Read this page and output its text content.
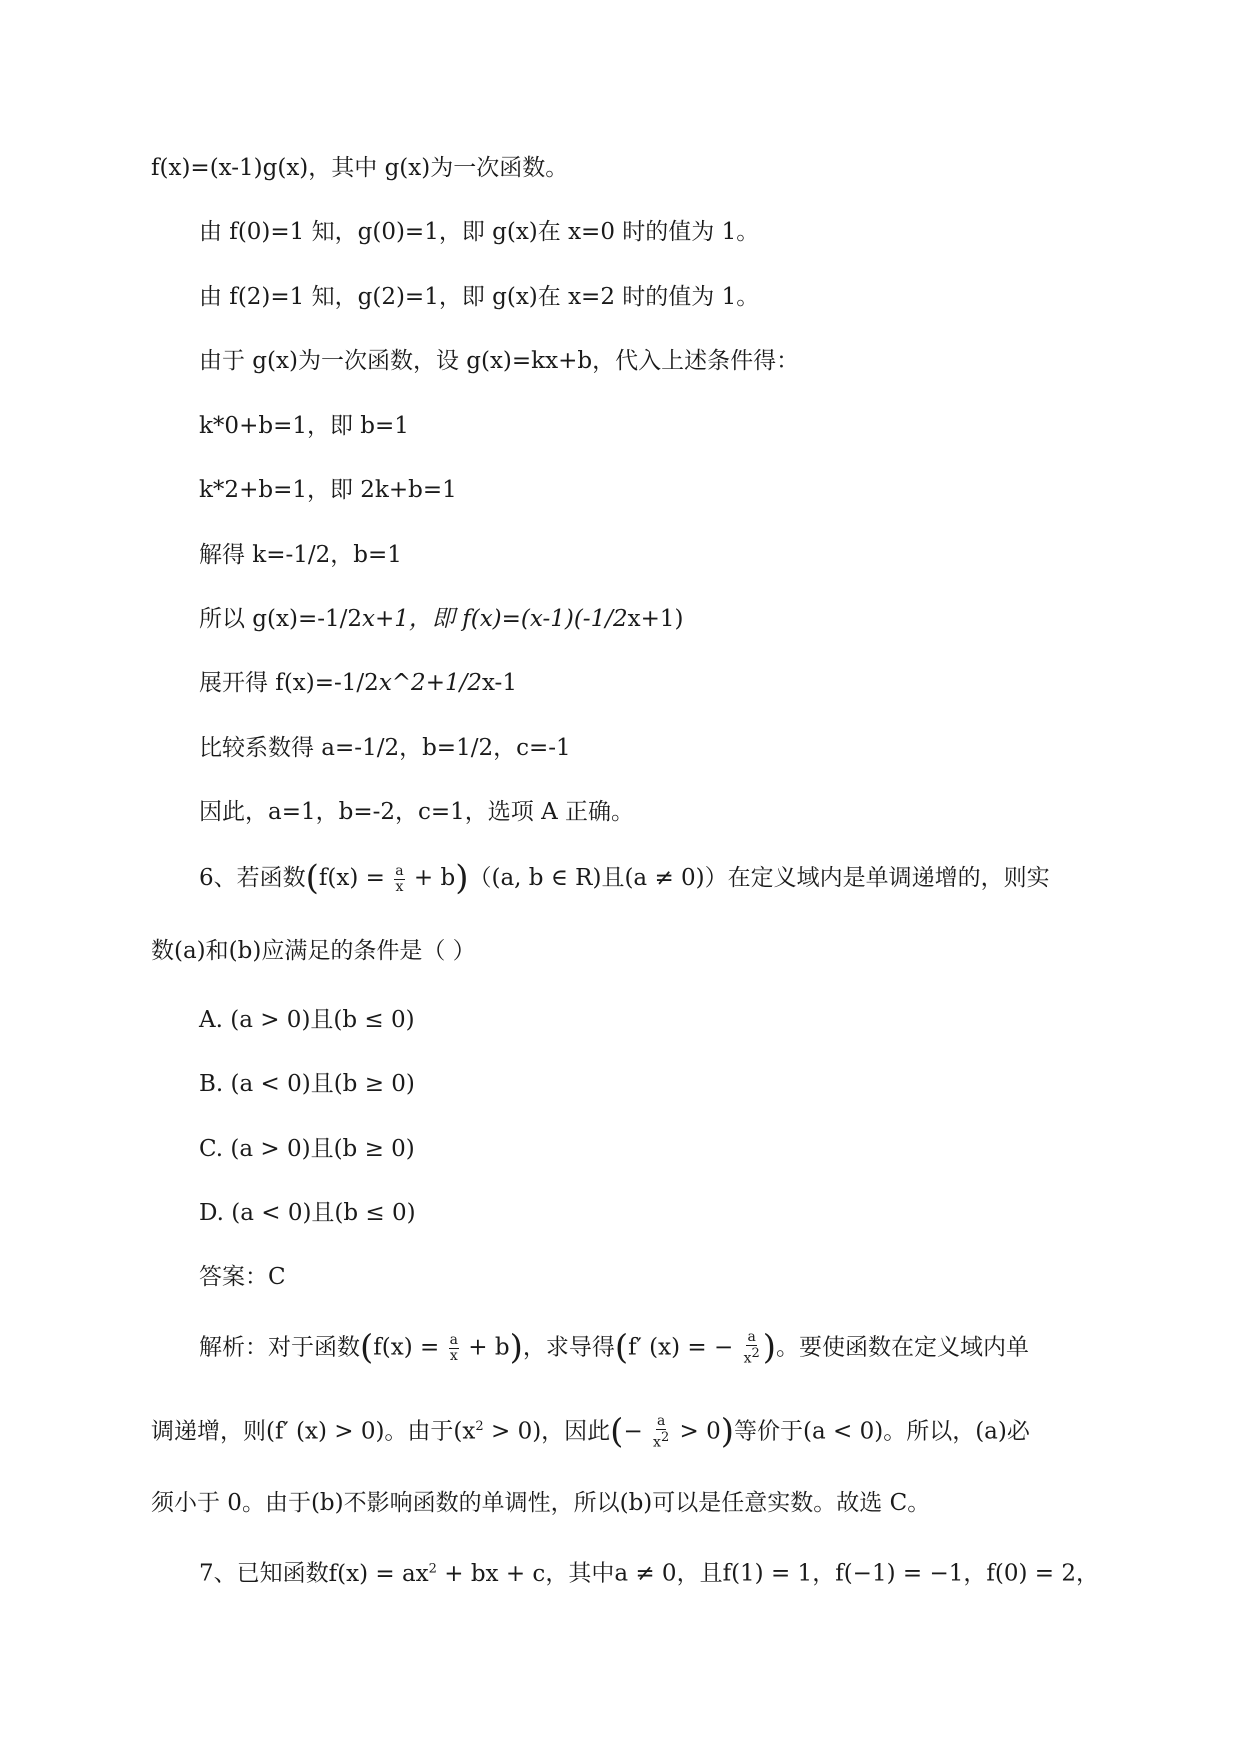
f(x)=(x-1)g(x)，其中 g(x)为一次函数。
由 f(0)=1 知，g(0)=1，即 g(x)在 x=0 时的值为 1。
由 f(2)=1 知，g(2)=1，即 g(x)在 x=2 时的值为 1。
由于 g(x)为一次函数，设 g(x)=kx+b，代入上述条件得：
k*0+b=1，即 b=1
k*2+b=1，即 2k+b=1
解得 k=-1/2，b=1
所以 g(x)=-1/2x+1，即 f(x)=(x-1)(-1/2x+1)
展开得 f(x)=-1/2x^2+1/2x-1
比较系数得 a=-1/2，b=1/2，c=-1
因此，a=1，b=-2，c=1，选项 A 正确。
6、若函数$(f(x) = \frac{a}{x} + b)((a$, b ∈ R)且(a ≠ 0)）在定义域内是单调递增的，则实
数(a)和(b)应满足的条件是（ ）
A. (a > 0)且(b ≤ 0)
B. (a < 0)且(b ≥ 0)
C. (a > 0)且(b ≥ 0)
D. (a < 0)且(b ≤ 0)
答案：C
解析：对于函数$(f(x) = \frac{a}{x} + b)$，求导得(f′ (x) = − $\frac{a}{x^2}$ )。要使函数在定义域内单
调递增，则(f′ (x) > 0)。由于$(x^2 > 0)$，因此(− $\frac{a}{x^2} > 0$)等价于(a < 0)。所以，(a)必
须小于 0。由于(b)不影响函数的单调性，所以(b)可以是任意实数。故选 C。
7、已知函数$f(x) = ax^2$ + bx + c，其中a ≠ 0，且f(1) = 1，f(−1) = −1，f(0) = 2，
